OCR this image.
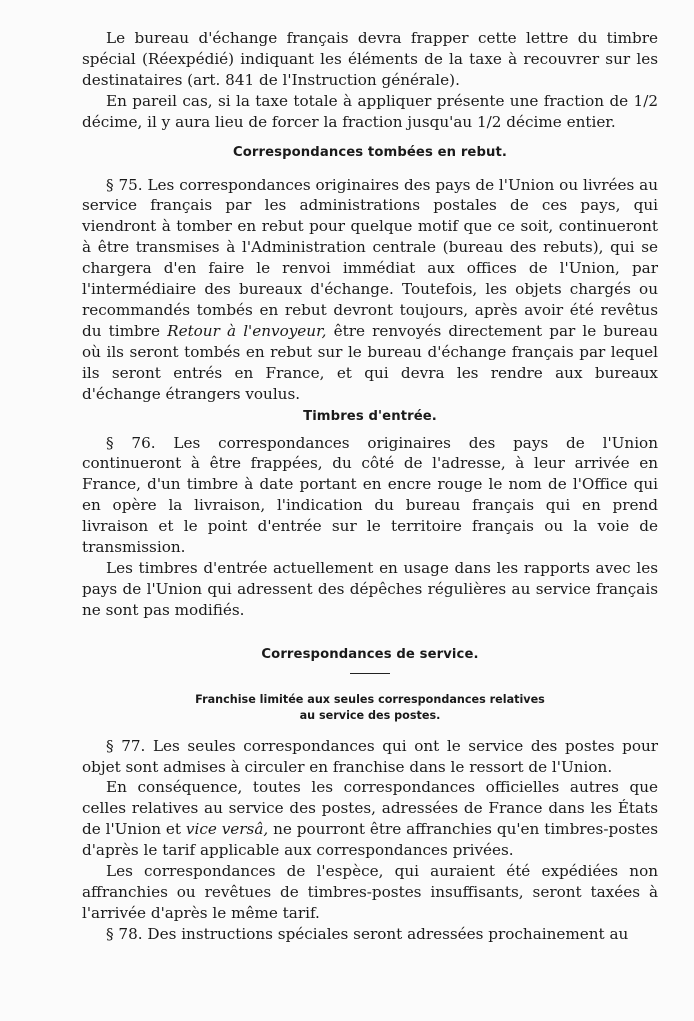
Le bureau d'échange français devra frapper cette lettre du timbre spécial (Réexpédié) indiquant les éléments de la taxe à recouvrer sur les destinataires (art. 841 de l'Instruction générale).

En pareil cas, si la taxe totale à appliquer présente une fraction de 1/2 décime, il y aura lieu de forcer la fraction jusqu'au 1/2 décime entier.

Correspondances tombées en rebut.

§ 75. Les correspondances originaires des pays de l'Union ou livrées au service français par les administrations postales de ces pays, qui viendront à tomber en rebut pour quelque motif que ce soit, continueront à être transmises à l'Administration centrale (bureau des rebuts), qui se chargera d'en faire le renvoi immédiat aux offices de l'Union, par l'intermédiaire des bureaux d'échange. Toutefois, les objets chargés ou recommandés tombés en rebut devront toujours, après avoir été revêtus du timbre Retour à l'envoyeur, être renvoyés directement par le bureau où ils seront tombés en rebut sur le bureau d'échange français par lequel ils seront entrés en France, et qui devra les rendre aux bureaux d'échange étrangers voulus.

Timbres d'entrée.

§ 76. Les correspondances originaires des pays de l'Union continueront à être frappées, du côté de l'adresse, à leur arrivée en France, d'un timbre à date portant en encre rouge le nom de l'Office qui en opère la livraison, l'indication du bureau français qui en prend livraison et le point d'entrée sur le territoire français ou la voie de transmission.

Les timbres d'entrée actuellement en usage dans les rapports avec les pays de l'Union qui adressent des dépêches régulières au service français ne sont pas modifiés.

Correspondances de service.
Franchise limitée aux seules correspondances relatives
au service des postes.

§ 77. Les seules correspondances qui ont le service des postes pour objet sont admises à circuler en franchise dans le ressort de l'Union.

En conséquence, toutes les correspondances officielles autres que celles relatives au service des postes, adressées de France dans les États de l'Union et vice versâ, ne pourront être affranchies qu'en timbres-postes d'après le tarif applicable aux correspondances privées.

Les correspondances de l'espèce, qui auraient été expédiées non affranchies ou revêtues de timbres-postes insuffisants, seront taxées à l'arrivée d'après le même tarif.

§ 78. Des instructions spéciales seront adressées prochainement au
